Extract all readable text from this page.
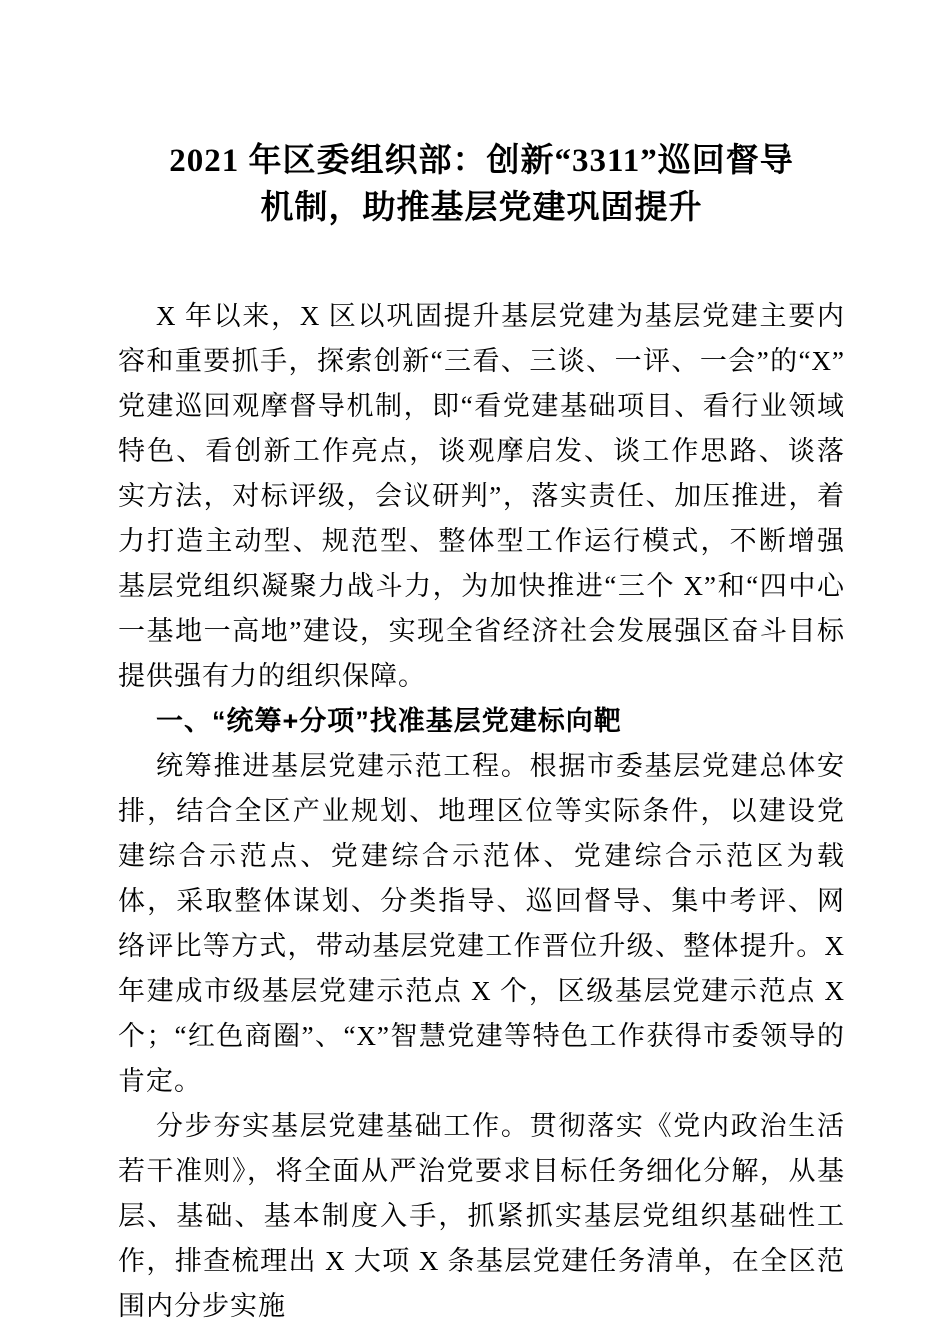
2021 年区委组织部：创新“3311”巡回督导
机制，助推基层党建巩固提升

X 年以来，X 区以巩固提升基层党建为基层党建主要内容和重要抓手，探索创新“三看、三谈、一评、一会”的“X”党建巡回观摩督导机制，即“看党建基础项目、看行业领域特色、看创新工作亮点，谈观摩启发、谈工作思路、谈落实方法，对标评级，会议研判”，落实责任、加压推进，着力打造主动型、规范型、整体型工作运行模式，不断增强基层党组织凝聚力战斗力，为加快推进“三个 X”和“四中心一基地一高地”建设，实现全省经济社会发展强区奋斗目标提供强有力的组织保障。

一、“统筹+分项”找准基层党建标向靶

统筹推进基层党建示范工程。根据市委基层党建总体安排，结合全区产业规划、地理区位等实际条件，以建设党建综合示范点、党建综合示范体、党建综合示范区为载体，采取整体谋划、分类指导、巡回督导、集中考评、网络评比等方式，带动基层党建工作晋位升级、整体提升。X 年建成市级基层党建示范点 X 个，区级基层党建示范点 X 个；“红色商圈”、“X”智慧党建等特色工作获得市委领导的肯定。

分步夯实基层党建基础工作。贯彻落实《党内政治生活若干准则》，将全面从严治党要求目标任务细化分解，从基层、基础、基本制度入手，抓紧抓实基层党组织基础性工作，排查梳理出 X 大项 X 条基层党建任务清单，在全区范围内分步实施
